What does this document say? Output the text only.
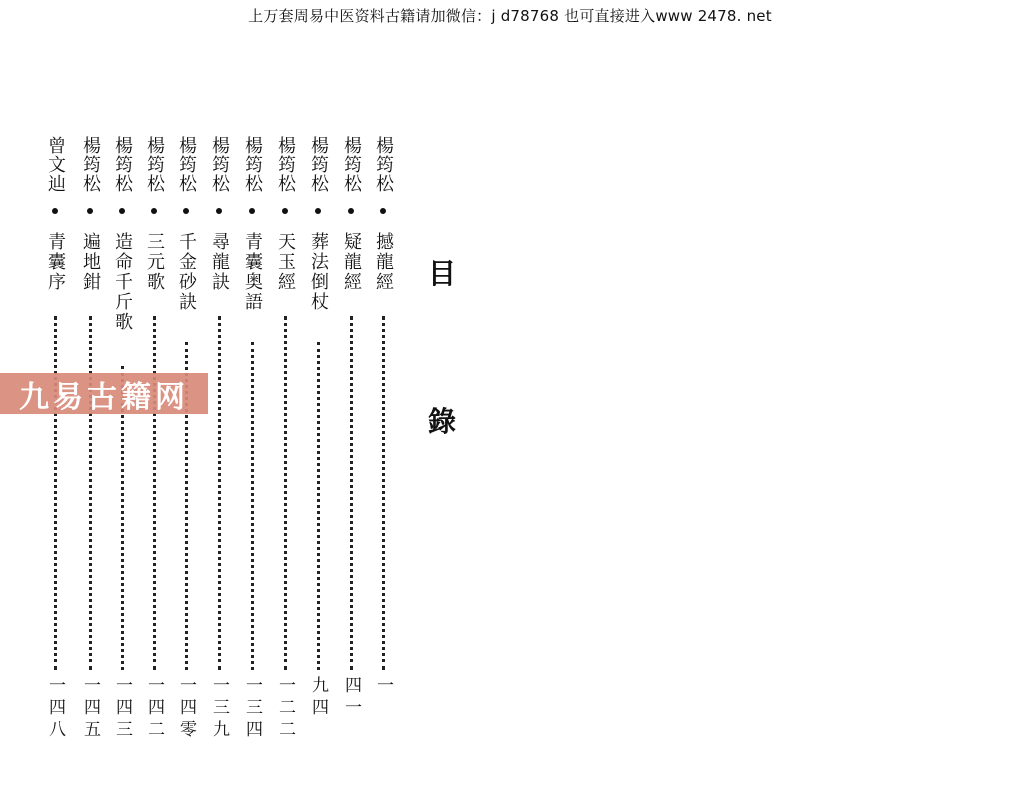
上万套周易中医资料古籍请加微信：j d78768 也可直接进入www 2478. net
目
錄
楊筠松
撼龍經
一
楊筠松
疑龍經
四一
楊筠松
葬法倒杖
九四
楊筠松
天玉經
一二二
楊筠松
青囊奥語
一三四
楊筠松
尋龍訣
一三九
楊筠松
千金砂訣
一四零
楊筠松
三元歌
一四二
楊筠松
造命千斤歌
一四三
楊筠松
遍地鉗
一四五
曾文辿
青囊序
一四八
九易古籍网
